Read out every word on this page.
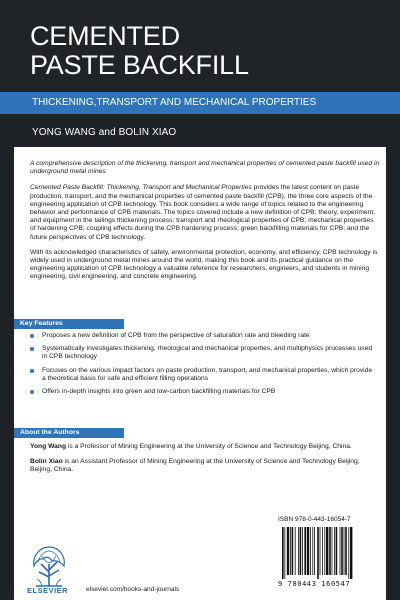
CEMENTED
PASTE BACKFILL
THICKENING,TRANSPORT AND MECHANICAL PROPERTIES
YONG WANG and BOLIN XIAO

A comprehensive description of the thickening, transport and mechanical properties of cemented paste backfill used in underground metal mines

Cemented Paste Backfill: Thickening, Transport and Mechanical Properties provides the latest content on paste production, transport, and the mechanical properties of cemented paste backfill (CPB), the three core aspects of the engineering application of CPB technology. This book considers a wide range of topics related to the engineering behavior and performance of CPB materials. The topics covered include a new definition of CPB; theory, experiment, and equipment in the tailings thickening process; transport and rheological properties of CPB; mechanical properties of hardening CPB; coupling effects during the CPB hardening process; green backfilling materials for CPB; and the future perspectives of CPB technology.

With its acknowledged characteristics of safety, environmental protection, economy, and efficiency, CPB technology is widely used in underground metal mines around the world, making this book and its practical guidance on the engineering application of CPB technology a valuable reference for researchers, engineers, and students in mining engineering, civil engineering, and concrete engineering.

Key Features
Proposes a new definition of CPB from the perspective of saturation rate and bleeding rate
Systematically investigates thickening, rheological and mechanical properties, and multiphysics processes used in CPB technology
Focuses on the various impact factors on paste production, transport, and mechanical properties, which provide a theoretical basis for safe and efficient filling operations
Offers in-depth insights into green and low-carbon backfilling materials for CPB
About the Authors

Yong Wang is a Professor of Mining Engineering at the University of Science and Technology Beijing, China.

Bolin Xiao is an Assistant Professor of Mining Engineering at the University of Science and Technology Beijing, Beijing, China.

ELSEVIER	elsevier.com/books-and-journals
ISBN 978-0-443-16054-7
9 780443 160547
